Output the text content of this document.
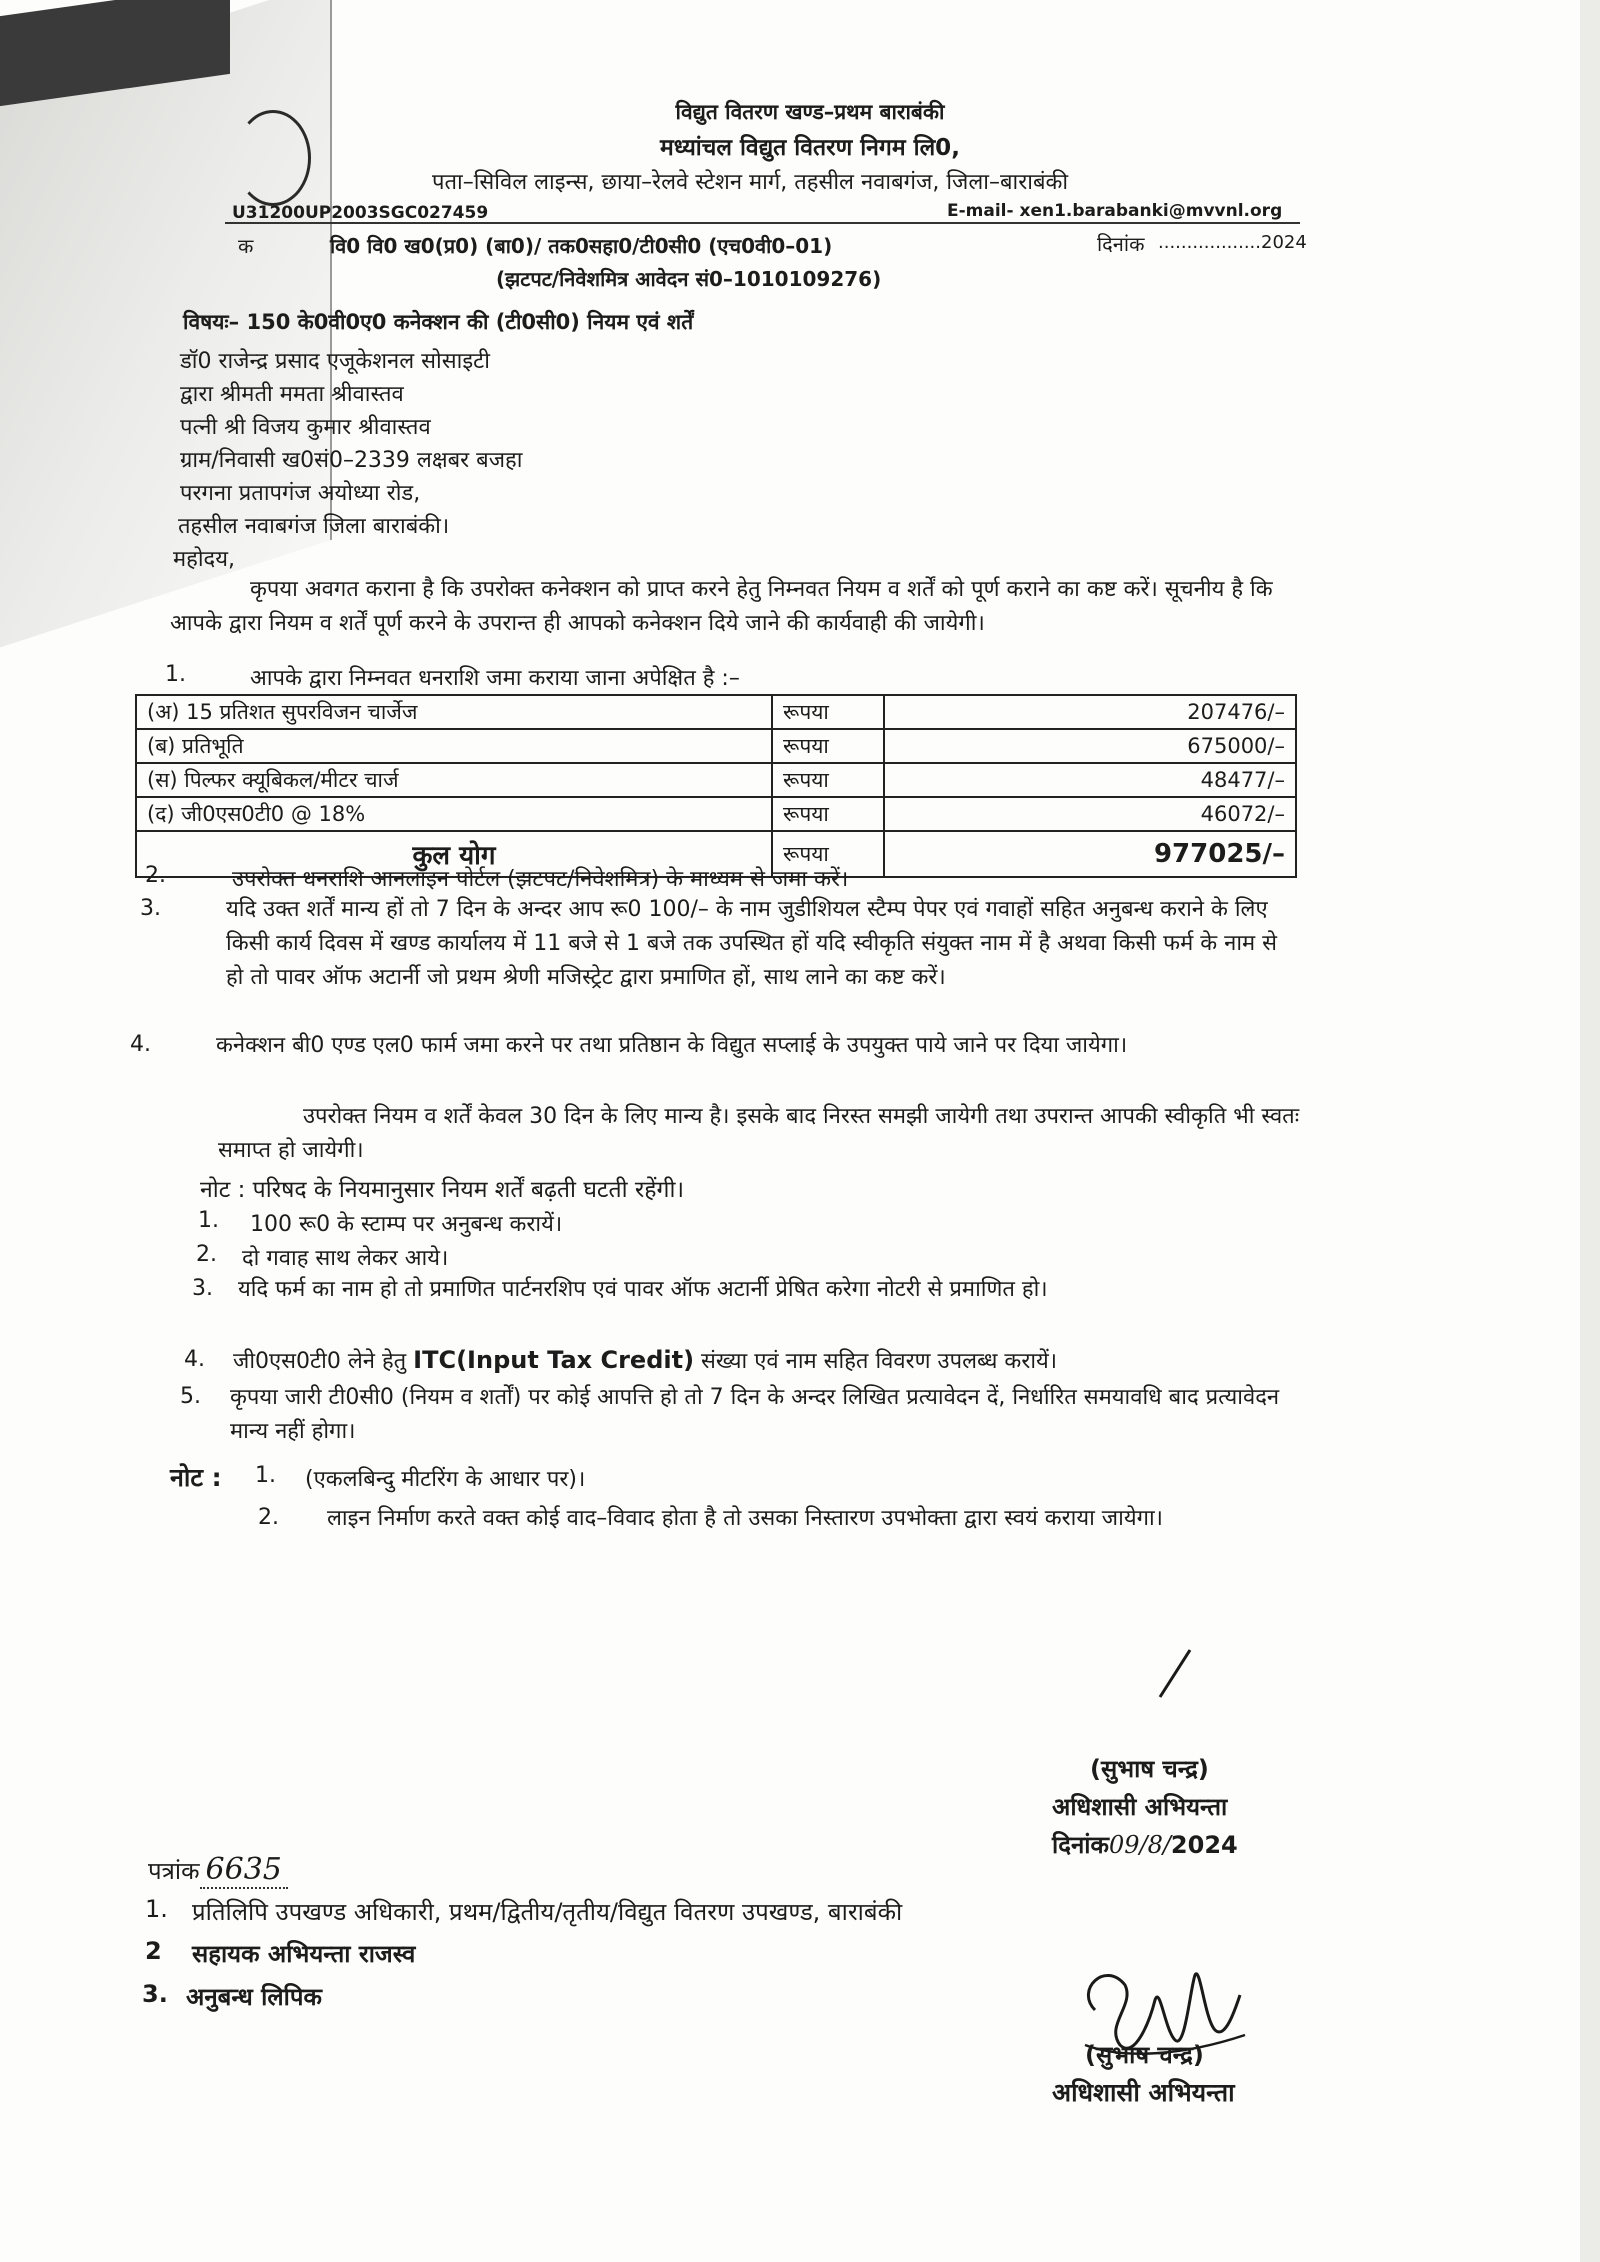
विद्युत वितरण खण्ड–प्रथम बाराबंकी
मध्यांचल विद्युत वितरण निगम लि0,
पता–सिविल लाइन्स, छाया–रेलवे स्टेशन मार्ग, तहसील नवाबगंज, जिला–बाराबंकी
U31200UP2003SGC027459	E-mail- xen1.barabanki@mvvnl.org
क	वि0 वि0 ख0(प्र0) (बा0)/ तक0सहा0/टी0सी0 (एच0वी0–01)	दिनांक ..................2024
(झटपट/निवेशमित्र आवेदन सं0–1010109276)
विषयः– 150 के0वी0ए0 कनेक्शन की (टी0सी0) नियम एवं शर्तें
डॉ0 राजेन्द्र प्रसाद एजूकेशनल सोसाइटी
द्वारा श्रीमती ममता श्रीवास्तव
पत्नी श्री विजय कुमार श्रीवास्तव
ग्राम/निवासी ख0सं0–2339 लक्षबर बजहा
परगना प्रतापगंज अयोध्या रोड,
तहसील नवाबगंज जिला बाराबंकी।
महोदय,
कृपया अवगत कराना है कि उपरोक्त कनेक्शन को प्राप्त करने हेतु निम्नवत नियम व शर्तें को पूर्ण कराने का कष्ट करें। सूचनीय है कि आपके द्वारा नियम व शर्तें पूर्ण करने के उपरान्त ही आपको कनेक्शन दिये जाने की कार्यवाही की जायेगी।
1.	आपके द्वारा निम्नवत धनराशि जमा कराया जाना अपेक्षित है :–
(अ) 15 प्रतिशत सुपरविजन चार्जेज	रूपया	207476/–
(ब) प्रतिभूति	रूपया	675000/–
(स) पिल्फर क्यूबिकल/मीटर चार्ज	रूपया	48477/–
(द) जी0एस0टी0 @ 18%	रूपया	46072/–
कुल योग	रूपया	977025/–
2.	उपरोक्त धनराशि आनलाइन पोर्टल (झटपट/निवेशमित्र) के माध्यम से जमा करें।
3.	यदि उक्त शर्तें मान्य हों तो 7 दिन के अन्दर आप रू0 100/– के नाम जुडीशियल स्टैम्प पेपर एवं गवाहों सहित अनुबन्ध कराने के लिए किसी कार्य दिवस में खण्ड कार्यालय में 11 बजे से 1 बजे तक उपस्थित हों यदि स्वीकृति संयुक्त नाम में है अथवा किसी फर्म के नाम से हो तो पावर ऑफ अटार्नी जो प्रथम श्रेणी मजिस्ट्रेट द्वारा प्रमाणित हों, साथ लाने का कष्ट करें।
4.	कनेक्शन बी0 एण्ड एल0 फार्म जमा करने पर तथा प्रतिष्ठान के विद्युत सप्लाई के उपयुक्त पाये जाने पर दिया जायेगा।
उपरोक्त नियम व शर्तें केवल 30 दिन के लिए मान्य है। इसके बाद निरस्त समझी जायेगी तथा उपरान्त आपकी स्वीकृति भी स्वतः समाप्त हो जायेगी।
नोट : परिषद के नियमानुसार नियम शर्तें बढ़ती घटती रहेंगी।
1. 100 रू0 के स्टाम्प पर अनुबन्ध करायें।
2. दो गवाह साथ लेकर आये।
3. यदि फर्म का नाम हो तो प्रमाणित पार्टनरशिप एवं पावर ऑफ अटार्नी प्रेषित करेगा नोटरी से प्रमाणित हो।
4. जी0एस0टी0 लेने हेतु ITC(Input Tax Credit) संख्या एवं नाम सहित विवरण उपलब्ध करायें।
5. कृपया जारी टी0सी0 (नियम व शर्तों) पर कोई आपत्ति हो तो 7 दिन के अन्दर लिखित प्रत्यावेदन दें, निर्धारित समयावधि बाद प्रत्यावेदन मान्य नहीं होगा।
नोट : 1. (एकलबिन्दु मीटरिंग के आधार पर)।
2.	लाइन निर्माण करते वक्त कोई वाद–विवाद होता है तो उसका निस्तारण उपभोक्ता द्वारा स्वयं कराया जायेगा।
(सुभाष चन्द्र)
अधिशासी अभियन्ता
दिनांक09/8/2024
पत्रांक 6635
1. प्रतिलिपि उपखण्ड अधिकारी, प्रथम/द्वितीय/तृतीय/विद्युत वितरण उपखण्ड, बाराबंकी
2 सहायक अभियन्ता राजस्व
3. अनुबन्ध लिपिक
(सुभाष चन्द्र)
अधिशासी अभियन्ता
